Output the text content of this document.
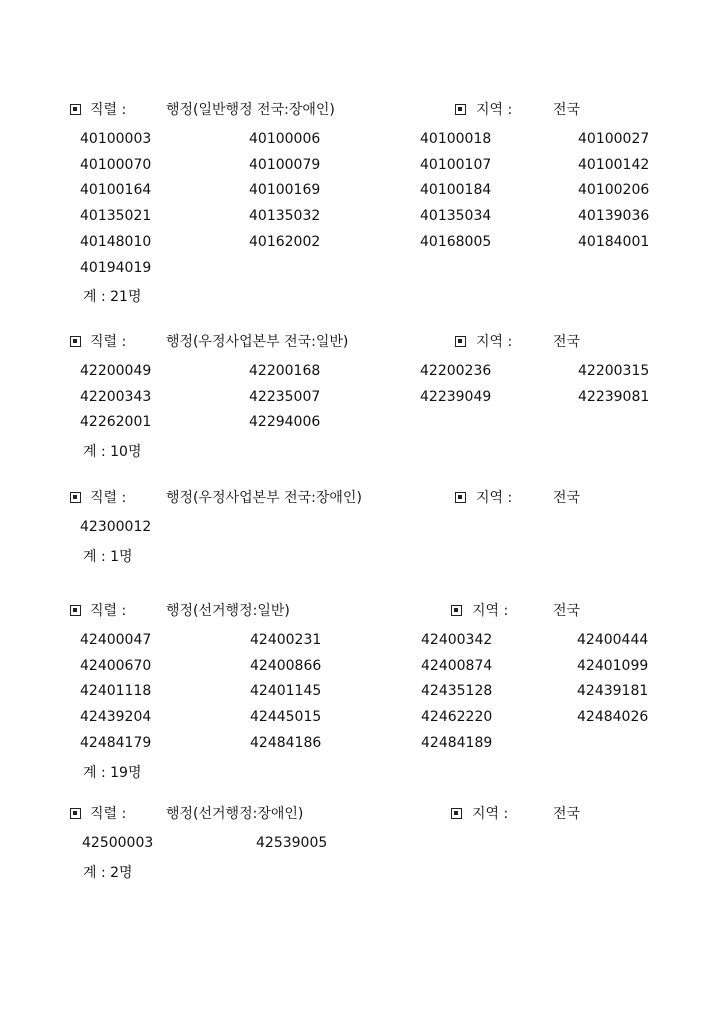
직렬 :	행정(일반행정 전국:장애인)	지역 :	전국
40100003	40100006	40100018	40100027
40100070	40100079	40100107	40100142
40100164	40100169	40100184	40100206
40135021	40135032	40135034	40139036
40148010	40162002	40168005	40184001
40194019
계 : 21명
직렬 :	행정(우정사업본부 전국:일반)	지역 :	전국
42200049	42200168	42200236	42200315
42200343	42235007	42239049	42239081
42262001	42294006
계 : 10명
직렬 :	행정(우정사업본부 전국:장애인)	지역 :	전국
42300012
계 : 1명
직렬 :	행정(선거행정:일반)	지역 :	전국
42400047	42400231	42400342	42400444
42400670	42400866	42400874	42401099
42401118	42401145	42435128	42439181
42439204	42445015	42462220	42484026
42484179	42484186	42484189
계 : 19명
직렬 :	행정(선거행정:장애인)	지역 :	전국
42500003	42539005
계 : 2명
